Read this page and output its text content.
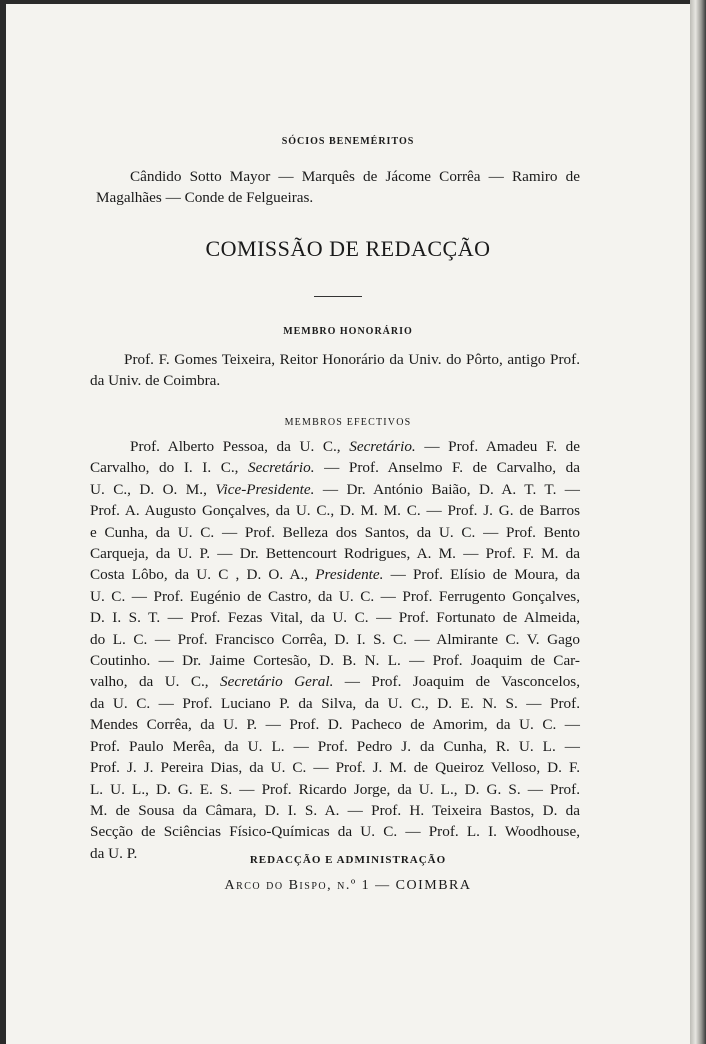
SÓCIOS BENEMÉRITOS
Cândido Sotto Mayor — Marquês de Jácome Corrêa — Ramiro de Magalhães — Conde de Felgueiras.
COMISSÃO DE REDACÇÃO
MEMBRO HONORÁRIO
Prof. F. Gomes Teixeira, Reitor Honorário da Univ. do Pôrto, antigo Prof. da Univ. de Coimbra.
MEMBROS EFECTIVOS
Prof. Alberto Pessoa, da U. C., Secretário. — Prof. Amadeu F. de
Carvalho, do I. I. C., Secretário. — Prof. Anselmo F. de Carvalho, da
U. C., D. O. M., Vice-Presidente. — Dr. António Baião, D. A. T. T. —
Prof. A. Augusto Gonçalves, da U. C., D. M. M. C. — Prof. J. G. de Barros
e Cunha, da U. C. — Prof. Belleza dos Santos, da U. C. — Prof. Bento
Carqueja, da U. P. — Dr. Bettencourt Rodrigues, A. M. — Prof. F. M. da
Costa Lôbo, da U. C , D. O. A., Presidente. — Prof. Elísio de Moura, da
U. C. — Prof. Eugénio de Castro, da U. C. — Prof. Ferrugento Gonçalves,
D. I. S. T. — Prof. Fezas Vital, da U. C. — Prof. Fortunato de Almeida,
do L. C. — Prof. Francisco Corrêa, D. I. S. C. — Almirante C. V. Gago
Coutinho. — Dr. Jaime Cortesão, D. B. N. L. — Prof. Joaquim de Car-
valho, da U. C., Secretário Geral. — Prof. Joaquim de Vasconcelos,
da U. C. — Prof. Luciano P. da Silva, da U. C., D. E. N. S. — Prof.
Mendes Corrêa, da U. P. — Prof. D. Pacheco de Amorim, da U. C. —
Prof. Paulo Merêa, da U. L. — Prof. Pedro J. da Cunha, R. U. L. —
Prof. J. J. Pereira Dias, da U. C. — Prof. J. M. de Queiroz Velloso, D. F.
L. U. L., D. G. E. S. — Prof. Ricardo Jorge, da U. L., D. G. S. — Prof.
M. de Sousa da Câmara, D. I. S. A. — Prof. H. Teixeira Bastos, D. da
Secção de Sciências Físico-Químicas da U. C. — Prof. L. I. Woodhouse,
da U. P.	REDACÇÃO E ADMINISTRAÇÃO
Arco do Bispo, n.º 1 — COIMBRA
